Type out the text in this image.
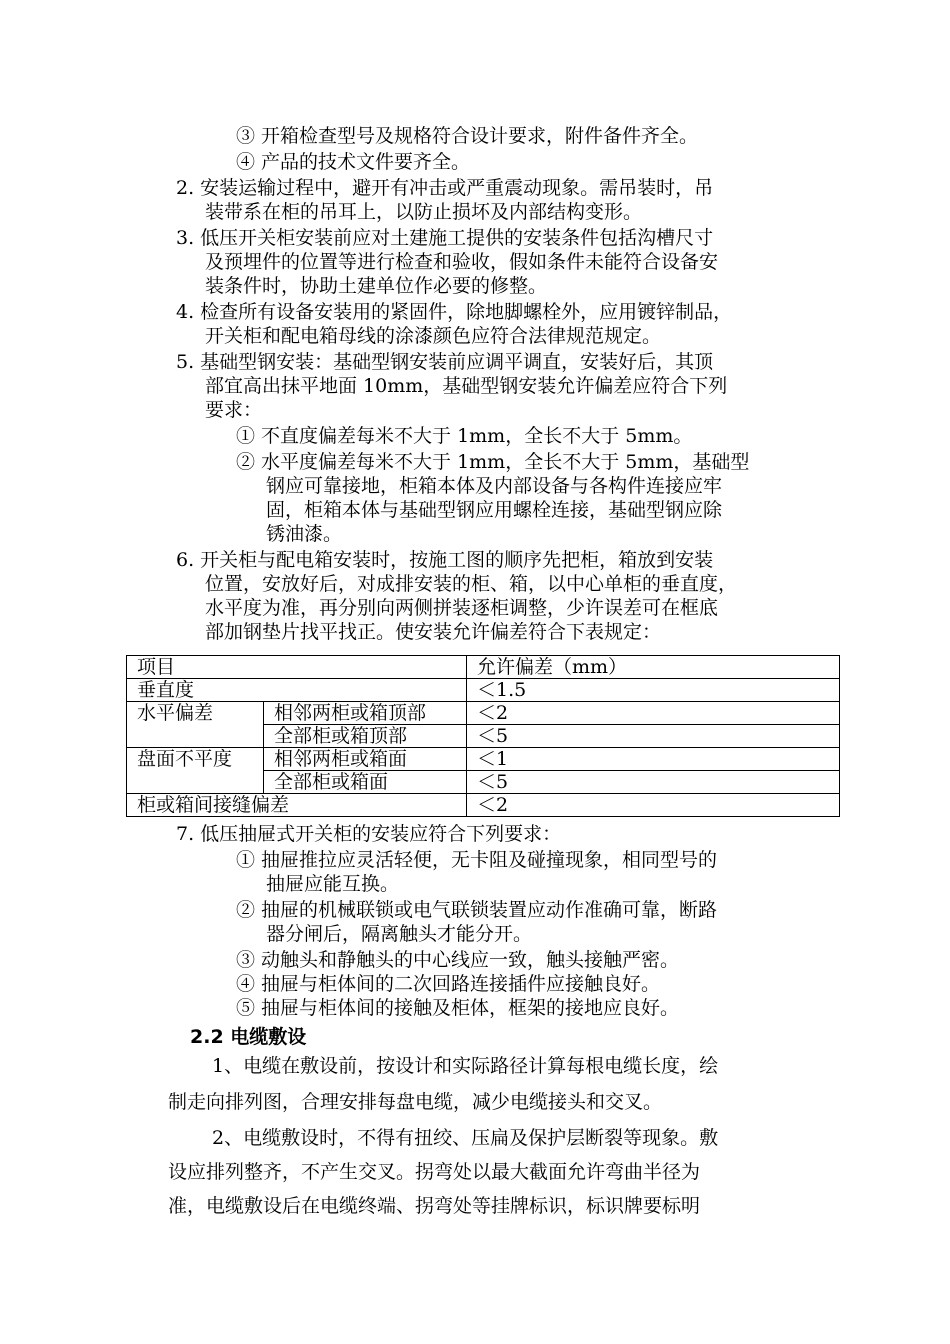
③ 开箱检查型号及规格符合设计要求，附件备件齐全。
④ 产品的技术文件要齐全。
2. 安装运输过程中，避开有冲击或严重震动现象。需吊装时，吊
装带系在柜的吊耳上，以防止损坏及内部结构变形。
3. 低压开关柜安装前应对土建施工提供的安装条件包括沟槽尺寸
及预埋件的位置等进行检查和验收，假如条件未能符合设备安
装条件时，协助土建单位作必要的修整。
4. 检查所有设备安装用的紧固件，除地脚螺栓外，应用镀锌制品，
开关柜和配电箱母线的涂漆颜色应符合法律规范规定。
5. 基础型钢安装：基础型钢安装前应调平调直，安装好后，其顶
部宜高出抹平地面 10mm，基础型钢安装允许偏差应符合下列
要求：
① 不直度偏差每米不大于 1mm，全长不大于 5mm。
② 水平度偏差每米不大于 1mm，全长不大于 5mm，基础型
钢应可靠接地，柜箱本体及内部设备与各构件连接应牢
固，柜箱本体与基础型钢应用螺栓连接，基础型钢应除
锈油漆。
6. 开关柜与配电箱安装时，按施工图的顺序先把柜，箱放到安装
位置，安放好后，对成排安装的柜、箱，以中心单柜的垂直度，
水平度为准，再分别向两侧拼装逐柜调整，少许误差可在框底
部加钢垫片找平找正。使安装允许偏差符合下表规定：
项目		允许偏差（mm）
垂直度		＜1.5
水平偏差	相邻两柜或箱顶部	＜2
	全部柜或箱顶部	＜5
盘面不平度	相邻两柜或箱面	＜1
	全部柜或箱面	＜5
柜或箱间接缝偏差		＜2
7. 低压抽屉式开关柜的安装应符合下列要求：
① 抽屉推拉应灵活轻便，无卡阻及碰撞现象，相同型号的
抽屉应能互换。
② 抽屉的机械联锁或电气联锁装置应动作准确可靠，断路
器分闸后，隔离触头才能分开。
③ 动触头和静触头的中心线应一致，触头接触严密。
④ 抽屉与柜体间的二次回路连接插件应接触良好。
⑤ 抽屉与柜体间的接触及柜体，框架的接地应良好。
2.2 电缆敷设
1、电缆在敷设前，按设计和实际路径计算每根电缆长度，绘
制走向排列图，合理安排每盘电缆，减少电缆接头和交叉。
2、电缆敷设时，不得有扭绞、压扁及保护层断裂等现象。敷
设应排列整齐，不产生交叉。拐弯处以最大截面允许弯曲半径为
准，电缆敷设后在电缆终端、拐弯处等挂牌标识，标识牌要标明
